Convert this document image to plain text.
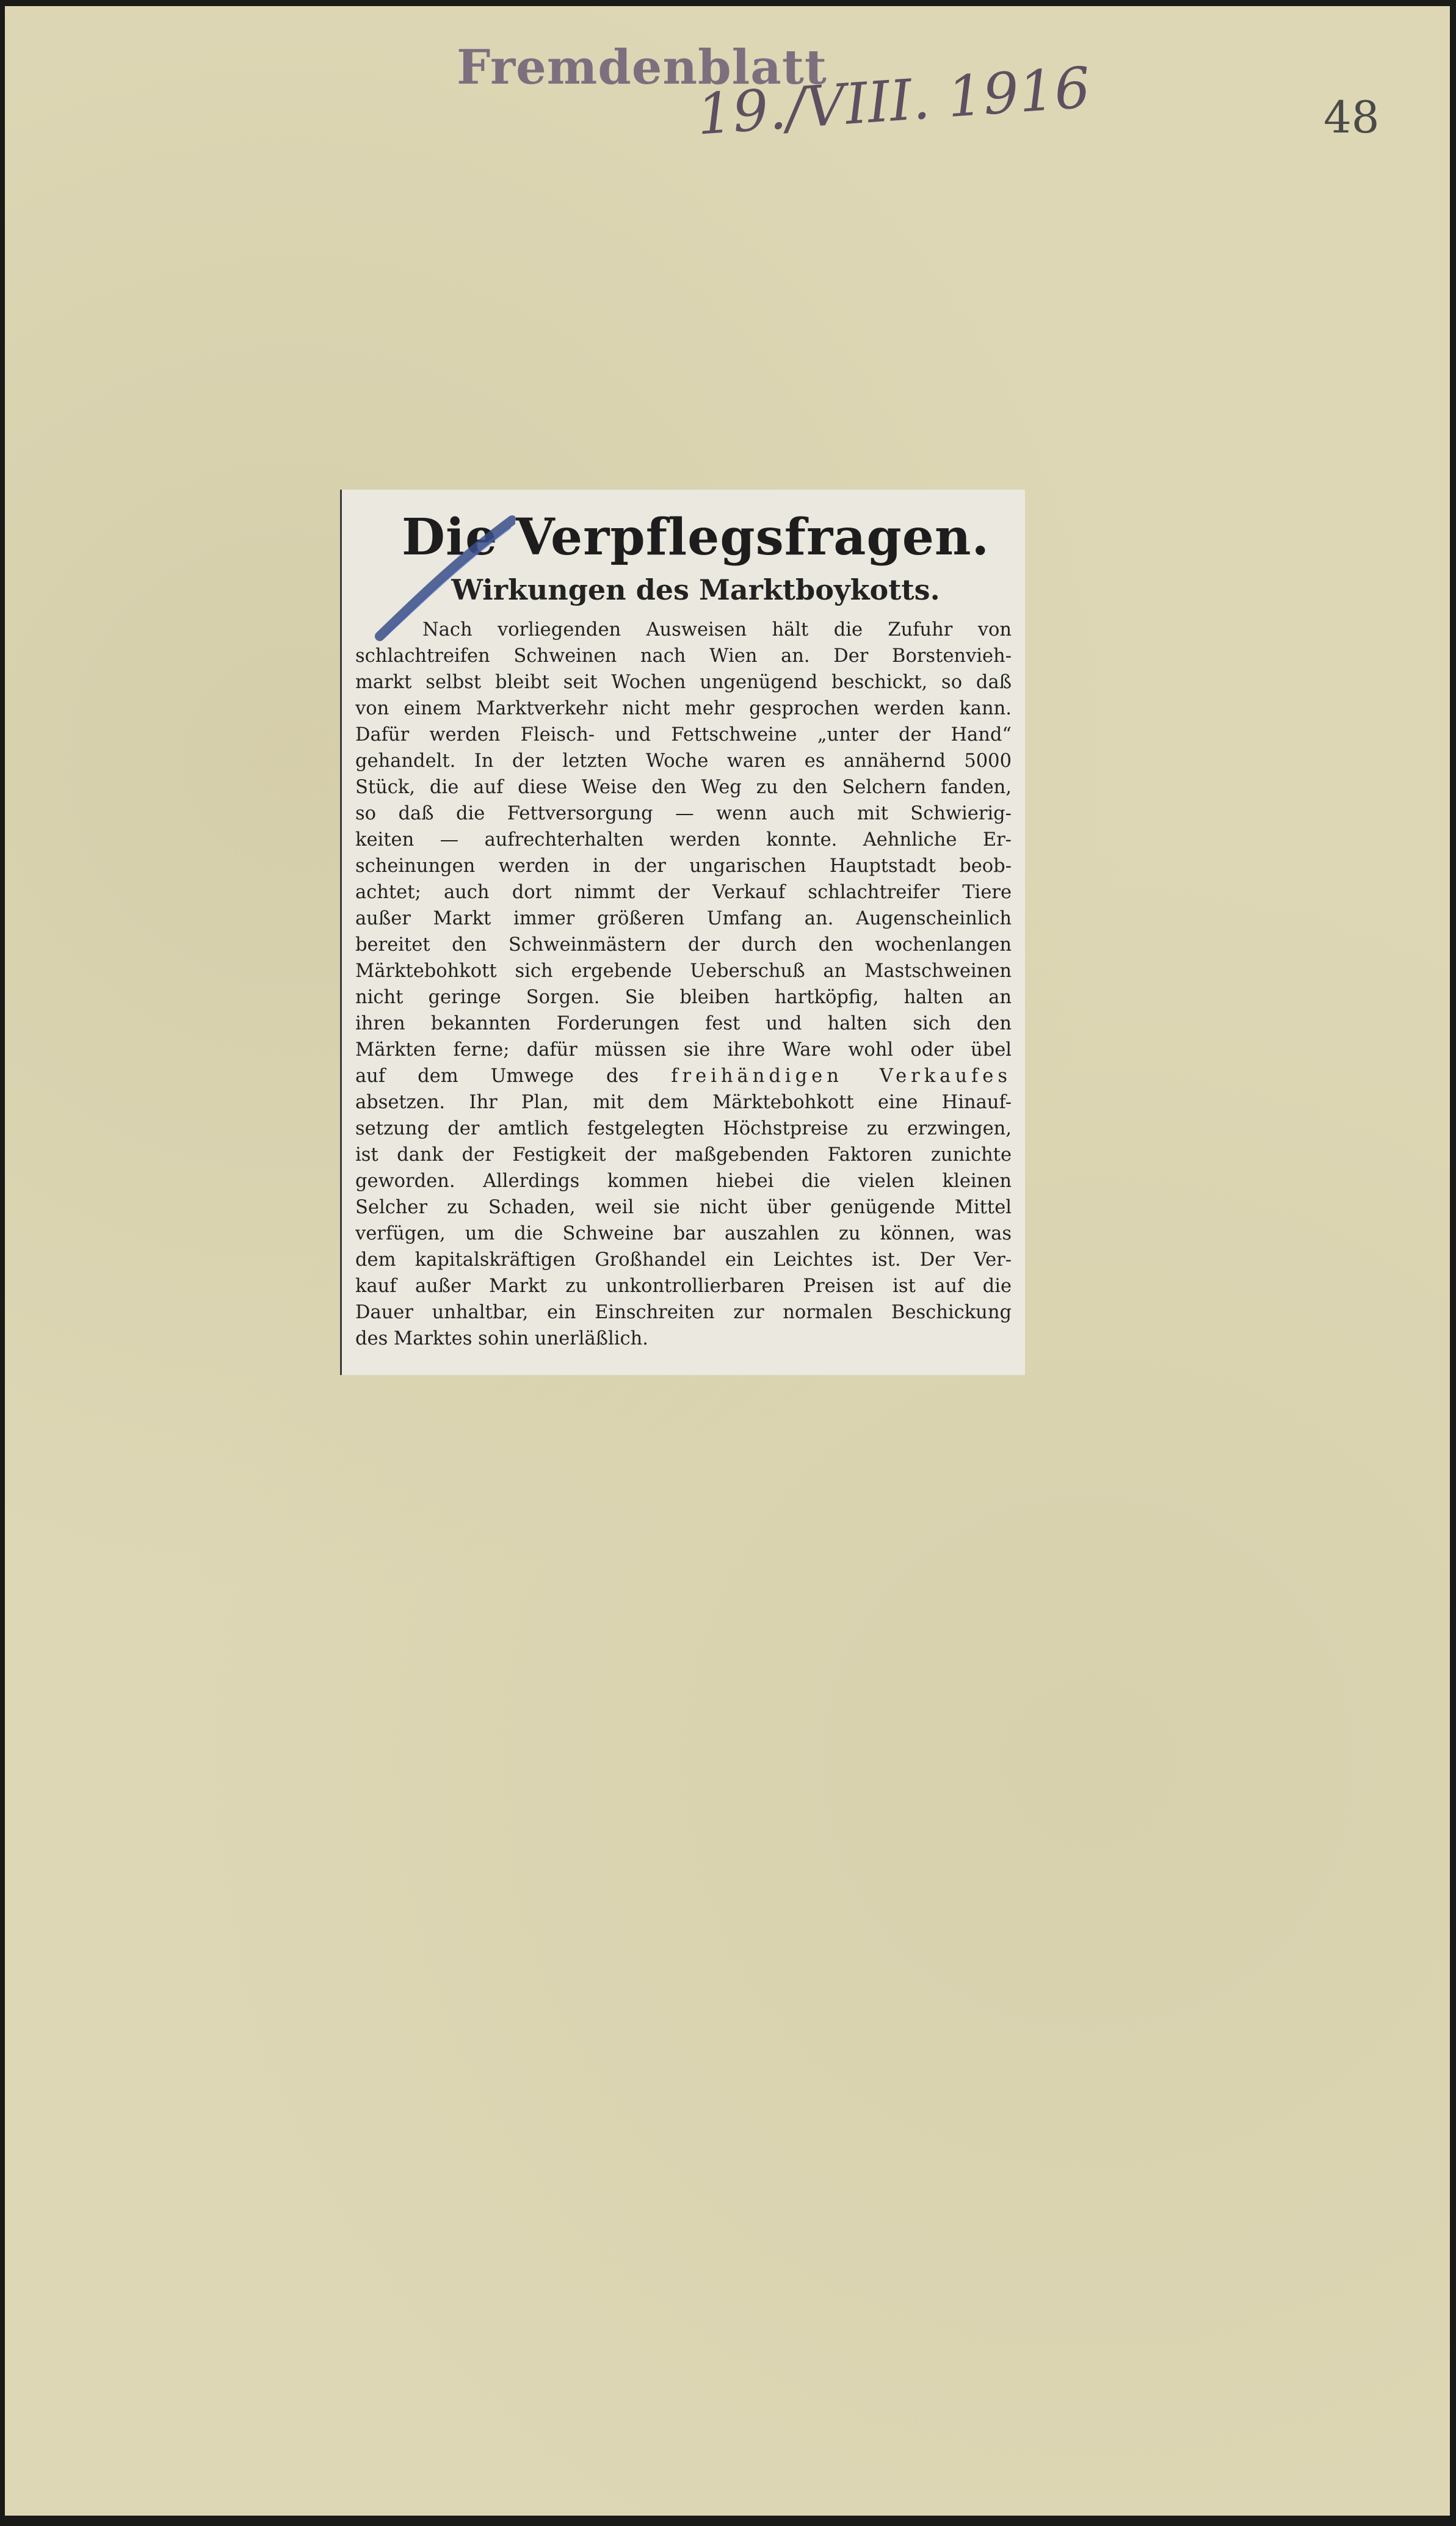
Fremdenblatt
19./VIII. 1916	48
Die Verpflegsfragen.
Wirkungen des Marktboykotts.
Nach vorliegenden Ausweisen hält die Zufuhr von
schlachtreifen Schweinen nach Wien an. Der Borstenvieh-
markt selbst bleibt seit Wochen ungenügend beschickt, so daß
von einem Marktverkehr nicht mehr gesprochen werden kann.
Dafür werden Fleisch- und Fettschweine „unter der Hand“
gehandelt. In der letzten Woche waren es annähernd 5000
Stück, die auf diese Weise den Weg zu den Selchern fanden,
so daß die Fettversorgung — wenn auch mit Schwierig-
keiten — aufrechterhalten werden konnte. Aehnliche Er-
scheinungen werden in der ungarischen Hauptstadt beob-
achtet; auch dort nimmt der Verkauf schlachtreifer Tiere
außer Markt immer größeren Umfang an. Augenscheinlich
bereitet den Schweinmästern der durch den wochenlangen
Märktebohkott sich ergebende Ueberschuß an Mastschweinen
nicht geringe Sorgen. Sie bleiben hartköpfig, halten an
ihren bekannten Forderungen fest und halten sich den
Märkten ferne; dafür müssen sie ihre Ware wohl oder übel
auf dem Umwege des freihändigen Verkaufes
absetzen. Ihr Plan, mit dem Märktebohkott eine Hinauf-
setzung der amtlich festgelegten Höchstpreise zu erzwingen,
ist dank der Festigkeit der maßgebenden Faktoren zunichte
geworden. Allerdings kommen hiebei die vielen kleinen
Selcher zu Schaden, weil sie nicht über genügende Mittel
verfügen, um die Schweine bar auszahlen zu können, was
dem kapitalskräftigen Großhandel ein Leichtes ist. Der Ver-
kauf außer Markt zu unkontrollierbaren Preisen ist auf die
Dauer unhaltbar, ein Einschreiten zur normalen Beschickung
des Marktes sohin unerläßlich.
